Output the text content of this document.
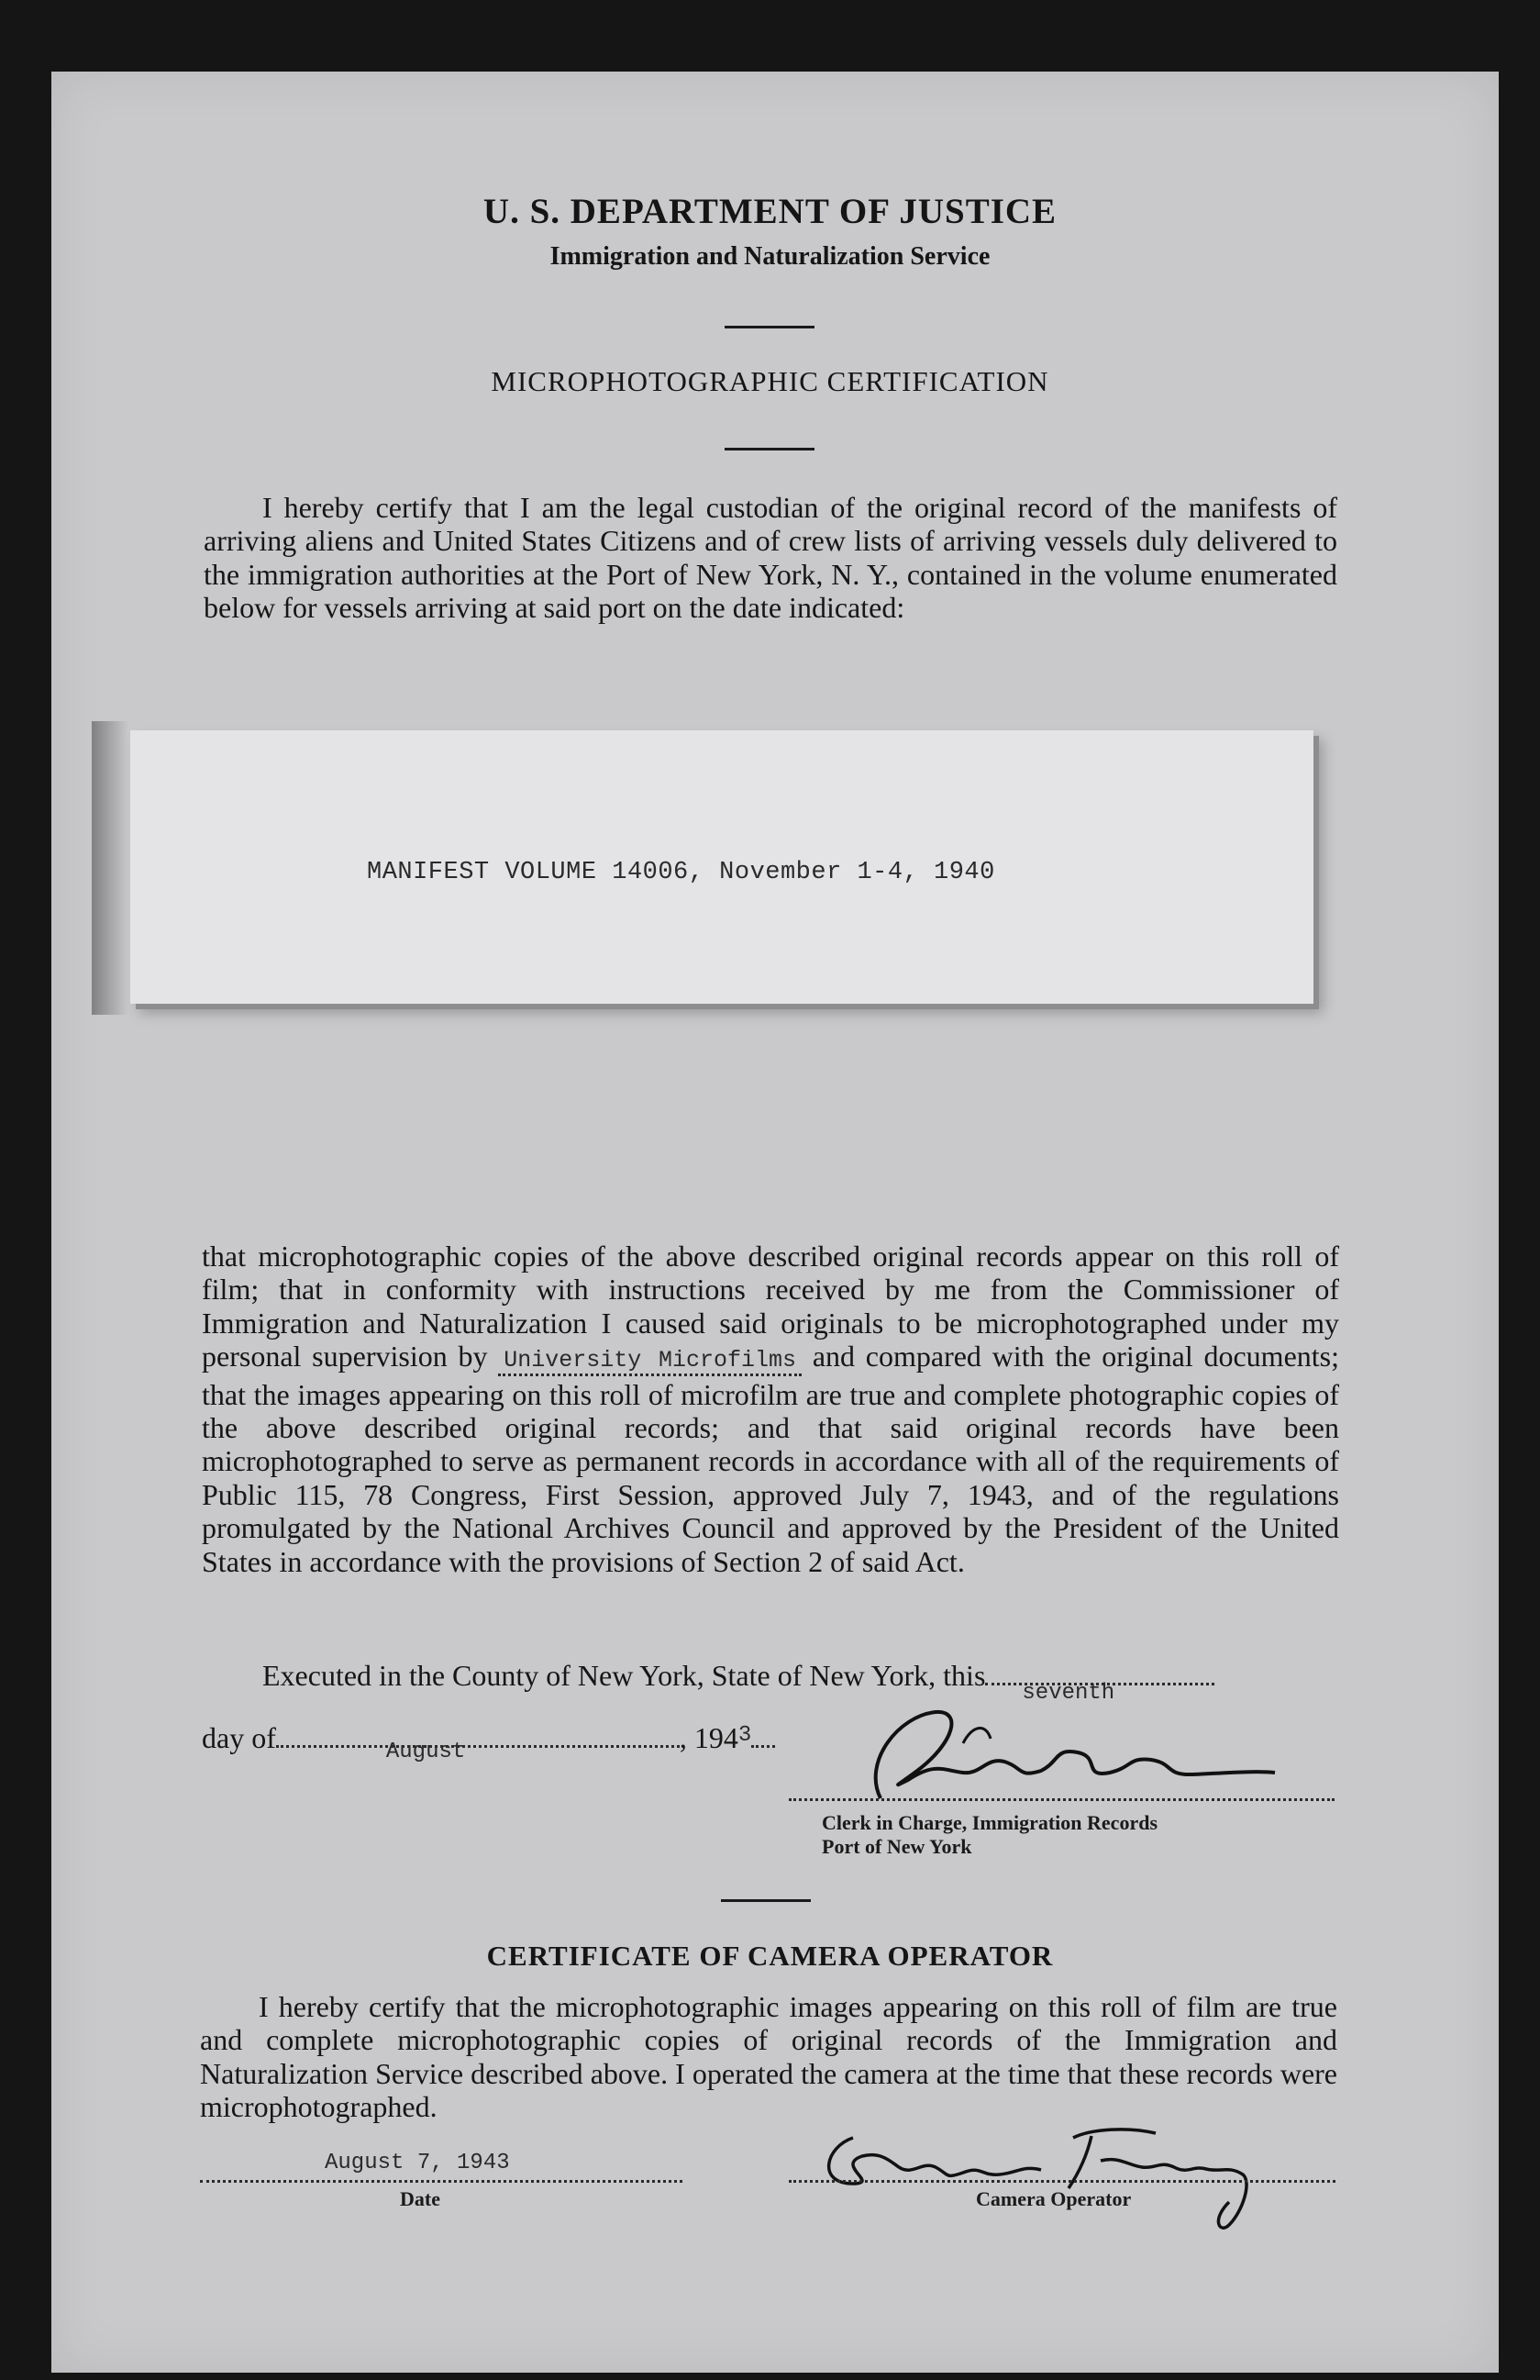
U. S. DEPARTMENT OF JUSTICE
Immigration and Naturalization Service
MICROPHOTOGRAPHIC CERTIFICATION
I hereby certify that I am the legal custodian of the original record of the manifests of arriving aliens and United States Citizens and of crew lists of arriving vessels duly delivered to the immigration authorities at the Port of New York, N. Y., contained in the volume enumerated below for vessels arriving at said port on the date indicated:
MANIFEST VOLUME 14006, November 1-4, 1940
that microphotographic copies of the above described original records appear on this roll of film; that in conformity with instructions received by me from the Commissioner of Immigration and Naturalization I caused said originals to be microphotographed under my personal supervision by University Microfilms and compared with the original documents; that the images appearing on this roll of microfilm are true and complete photographic copies of the above described original records; and that said original records have been microphotographed to serve as permanent records in accordance with all of the requirements of Public 115, 78 Congress, First Session, approved July 7, 1943, and of the regulations promulgated by the National Archives Council and approved by the President of the United States in accordance with the provisions of Section 2 of said Act.
Executed in the County of New York, State of New York, this
seventh
day of	August	, $194^3$
Clerk in Charge, Immigration Records
Port of New York
CERTIFICATE OF CAMERA OPERATOR
I hereby certify that the microphotographic images appearing on this roll of film are true and complete microphotographic copies of original records of the Immigration and Naturalization Service described above. I operated the camera at the time that these records were microphotographed.
August 7, 1943
Date	Camera Operator
